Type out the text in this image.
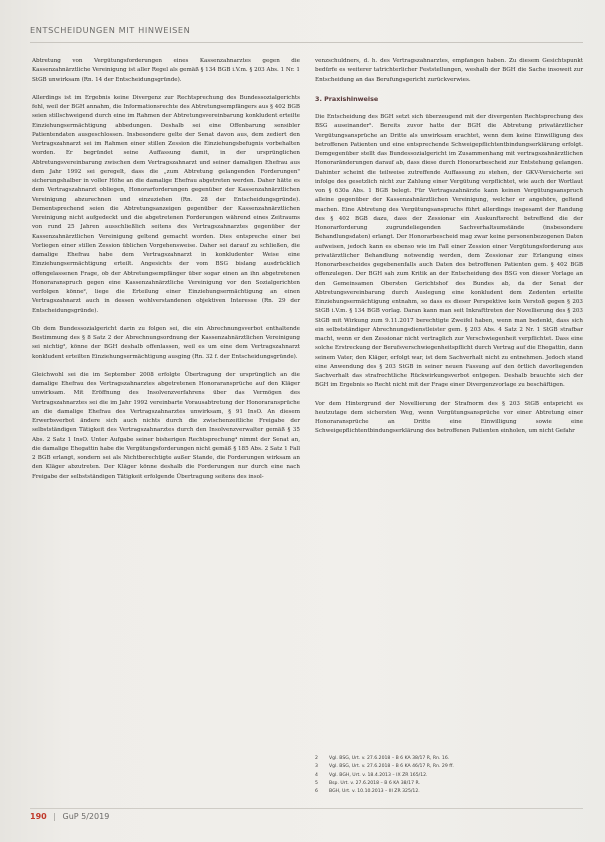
ENTSCHEIDUNGEN MIT HINWEISEN

Abtretung von Vergütungsforderungen eines Kassenzahnarztes gegen die Kassenzahnärztliche Vereinigung ist aller Regel als gemäß § 134 BGB i.V.m. § 203 Abs. 1 Nr. 1 StGB unwirksam (Rn. 14 der Entscheidungsgründe).

Allerdings ist im Ergebnis keine Divergenz zur Rechtsprechung des Bundessozialgerichts fehl, weil der BGH annahm, die Informationsrechte des Abtretungsempfängers aus § 402 BGB seien stillschweigend durch eine im Rahmen der Abtretungsvereinbarung konkludent erteilte Einziehungsermächtigung abbedungen. Deshalb sei eine Offenbarung sensibler Patientendaten ausgeschlossen. Insbesondere gelte der Senat davon aus, dem zediert den Vertragszahnarzt sei im Rahmen einer stillen Zession die Einziehungsbefugnis vorbehalten worden. Er begründet seine Auffassung damit, in der ursprünglichen Abtretungsvereinbarung zwischen dem Vertragszahnarzt und seiner damaligen Ehefrau aus dem Jahr 1992 sei geregelt, dass die „zum Abtretung gelangenden Forderungen" sicherungshalber in voller Höhe an die damalige Ehefrau abgetreten werden. Daher hätte es dem Vertragszahnarzt obliegen, Honorarforderungen gegenüber der Kassenzahnärztlichen Vereinigung abzurechnen und einzuziehen (Rn. 28 der Entscheidungsgründe). Dementsprechend seien die Abtretungsanzeigen gegenüber der Kassenzahnärztlichen Vereinigung nicht aufgedeckt und die abgetretenen Forderungen während eines Zeitraums von rund 25 Jahren ausschließlich seitens des Vertragszahnarztes gegenüber der Kassenzahnärztlichen Vereinigung geltend gemacht worden. Dies entspreche einer bei Vorliegen einer stillen Zession üblichen Vorgehensweise. Daher sei darauf zu schließen, die damalige Ehefrau habe dem Vertragszahnarzt in konkludenter Weise eine Einziehungsermächtigung erteilt. Angesichts der vom BSG bislang ausdrücklich offengelassenen Frage, ob der Abtretungsempfänger über sogar einen an ihn abgetretenen Honoraranspruch gegen eine Kassenzahnärztliche Vereinigung vor den Sozialgerichten verfolgen könne², liege die Erteilung einer Einziehungsermächtigung an einen Vertragszahnarzt auch in dessen wohlverstandenen objektiven Interesse (Rn. 29 der Entscheidungsgründe).

Ob dem Bundessozialgericht darin zu folgen sei, die ein Abrechnungsverbot enthaltende Bestimmung des § 8 Satz 2 der Abrechnungsordnung der Kassenzahnärztlichen Vereinigung sei nichtig³, könne der BGH deshalb offenlassen, weil es um eine dem Vertragszahnarzt konkludent erteilten Einziehungsermächtigung ausging (Rn. 32 f. der Entscheidungsgründe).

Gleichwohl sei die im September 2008 erfolgte Übertragung der ursprünglich an die damalige Ehefrau des Vertragszahnarztes abgetretenen Honoraransprüche auf den Kläger unwirksam. Mit Eröffnung des Insolvenzverfahrens über das Vermögen des Vertragszahnarztes sei die im Jahr 1992 vereinbarte Vorausabtretung der Honoraransprüche an die damalige Ehefrau des Vertragszahnarztes unwirksam, § 91 InsO. An diesem Erwerbsverbot ändere sich auch nichts durch die zwischenzeitliche Freigabe der selbstständigen Tätigkeit des Vertragszahnarztes durch den Insolvenzverwalter gemäß § 35 Abs. 2 Satz 1 InsO. Unter Aufgabe seiner bisherigen Rechtsprechung⁴ nimmt der Senat an, die damalige Ehegattin habe die Vergütungsforderungen nicht gemäß § 185 Abs. 2 Satz 1 Fall 2 BGB erlangt, sondern sei als Nichtberechtigte außer Stande, die Forderungen wirksam an den Kläger abzutreten. Der Kläger könne deshalb die Forderungen nur durch eine nach Freigabe der selbstständigen Tätigkeit erfolgende Übertragung seitens des insol-

venzschuldners, d. h. des Vertragszahnarztes, empfangen haben. Zu diesem Gesichtspunkt bedürfe es weiterer tatrichterlicher Feststellungen, weshalb der BGH die Sache insoweit zur Entscheidung an das Berufungsgericht zurückverwies.

3. Praxishinweise

Die Entscheidung des BGH setzt sich überzeugend mit der divergenten Rechtsprechung des BSG auseinander⁵. Bereits zuvor hatte der BGH die Abtretung privatärztlicher Vergütungsansprüche an Dritte als unwirksam erachtet, wenn dem keine Einwilligung des betroffenen Patienten und eine entsprechende Schweigepflichtentbindungserklärung erfolgt. Demgegenüber stellt das Bundessozialgericht im Zusammenhang mit vertragszahnärztlichen Honoraränderungen darauf ab, dass diese durch Honorarbescheid zur Entstehung gelangen. Dahinter scheint die teilweise zutreffende Auffassung zu stehen, der GKV-Versicherte sei infolge des gesetzlich nicht zur Zahlung einer Vergütung verpflichtet, wie auch der Wortlaut von § 630a Abs. 1 BGB belegt. Für Vertragszahnärzte kann keinen Vergütungsanspruch alleine gegenüber der Kassenzahnärztlichen Vereinigung, welcher er angehöre, geltend machen. Eine Abtretung des Vergütungsanspruchs führt allerdings insgesamt der Randung des § 402 BGB dazu, dass der Zessionar ein Auskunftsrecht betreffend die der Honorarforderung zugrundeliegenden Sachverhaltsumstände (insbesondere Behandlungsdaten) erlangt. Der Honorarbescheid mag zwar keine personenbezogenen Daten aufweisen, jedoch kann es ebenso wie im Fall einer Zession einer Vergütungsforderung aus privatärztlicher Behandlung notwendig werden, dem Zessionar zur Erlangung eines Honorarbescheides gegebenenfalls auch Daten des betroffenen Patienten gem. § 402 BGB offenzulegen. Der BGH sah zum Kritik an der Entscheidung des BSG von dieser Vorlage an den Gemeinsamen Obersten Gerichtshof des Bundes ab, da der Senat der Abtretungsvereinbarung durch Auslegung eine konkludent dem Zedenten erteilte Einziehungsermächtigung entnahm, so dass es dieser Perspektive kein Verstoß gegen § 203 StGB i.V.m. § 134 BGB vorlag. Daran kann man seit Inkrafttreten der Novellierung des § 203 StGB mit Wirkung zum 9.11.2017 berechtigte Zweifel haben, wenn man bedenkt, dass sich ein selbstständiger Abrechnungsdienstleister gem. § 203 Abs. 4 Satz 2 Nr. 1 StGB strafbar macht, wenn er den Zessionar nicht vertraglich zur Verschwiegenheit verpflichtet. Dass eine solche Erstreckung der Berufsverschwiegenheitspflicht durch Vertrag auf die Ehegattin, dann seinem Vater, den Kläger, erfolgt war, ist dem Sachverhalt nicht zu entnehmen. Jedoch stand eine Anwendung des § 203 StGB in seiner neuen Fassung auf den örtlich davorliegenden Sachverhalt das strafrechtliche Rückwirkungsverbot entgegen. Deshalb brauchte sich der BGH im Ergebnis so Recht nicht mit der Frage einer Divergenzvorlage zu beschäftigen.

Vor dem Hintergrund der Novellierung der Strafnorm des § 203 StGB entspricht es heutzutage dem sichersten Weg, wenn Vergütungsansprüche vor einer Abtretung einer Honoraransprüche an Dritte eine Einwilligung sowie eine Schweigepflichtentbindungserklärung des betroffenen Patienten einholen, um nicht Gefahr

2	Vgl. BSG, Urt. v. 27.6.2018 – B 6 KA 38/17 R, Rn. 16.
3	Vgl. BSG, Urt. v. 27.6.2018 – B 6 KA 46/17 R, Rn. 29 ff.
4	Vgl. BGH, Urt. v. 18.4.2013 – IX ZR 165/12.
5	Bsp. Urt. v. 27.6.2018 – B 6 KA 38/17 R.
6	BGH, Urt. v. 10.10.2013 – III ZR 325/12.
190 | GuP 5/2019
